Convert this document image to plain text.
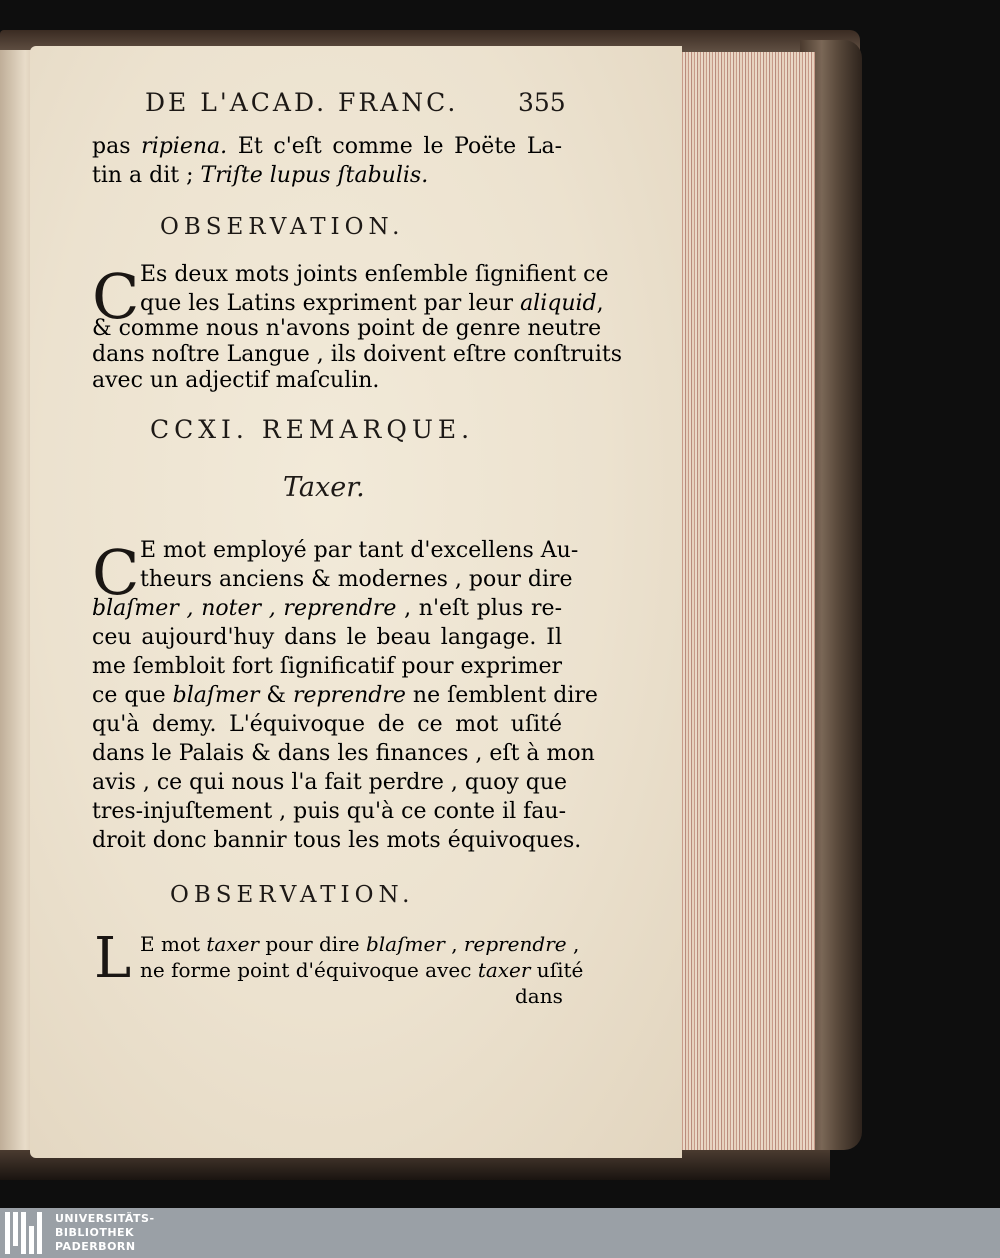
DE L'ACAD. FRANC. 355
pas ripiena. Et c'eſt comme le Poëte La-
tin a dit ; Triſte lupus ſtabulis.
OBSERVATION.
C Es deux mots joints enſemble ſignifient ce
que les Latins expriment par leur aliquid,
& comme nous n'avons point de genre neutre
dans noſtre Langue , ils doivent eſtre conſtruits
avec un adjectif maſculin.
CCXI. REMARQUE.
Taxer.
C E mot employé par tant d'excellens Au-
theurs anciens & modernes , pour dire
blaſmer , noter , reprendre , n'eſt plus re-
ceu aujourd'huy dans le beau langage. Il
me ſembloit fort ſignificatif pour exprimer
ce que blaſmer & reprendre ne ſemblent dire
qu'à demy. L'équivoque de ce mot uſité
dans le Palais & dans les finances , eſt à mon
avis , ce qui nous l'a fait perdre , quoy que
tres-injuſtement , puis qu'à ce conte il fau-
droit donc bannir tous les mots équivoques.
OBSERVATION.
L E mot taxer pour dire blaſmer , reprendre ,
ne forme point d'équivoque avec taxer uſité
dans
UNIVERSITÄTS-
BIBLIOTHEK
PADERBORN
